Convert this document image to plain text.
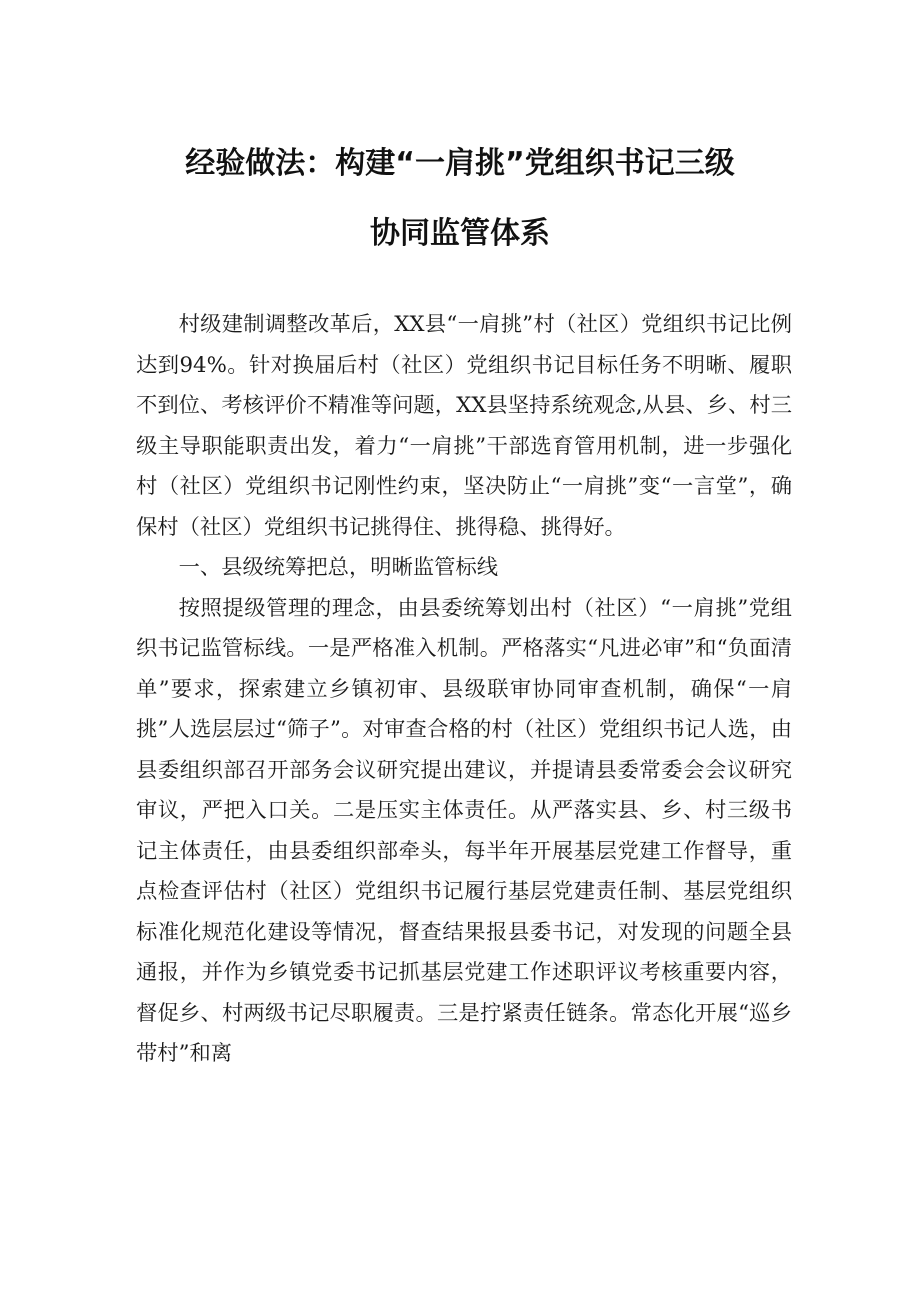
经验做法：构建“一肩挑”党组织书记三级
协同监管体系

村级建制调整改革后，XX县“一肩挑”村（社区）党组织书记比例达到94%。针对换届后村（社区）党组织书记目标任务不明晰、履职不到位、考核评价不精准等问题，XX县坚持系统观念,从县、乡、村三级主导职能职责出发，着力“一肩挑”干部选育管用机制，进一步强化村（社区）党组织书记刚性约束，坚决防止“一肩挑”变“一言堂”，确保村（社区）党组织书记挑得住、挑得稳、挑得好。

一、县级统筹把总，明晰监管标线

按照提级管理的理念，由县委统筹划出村（社区）“一肩挑”党组织书记监管标线。一是严格准入机制。严格落实“凡进必审”和“负面清单”要求，探索建立乡镇初审、县级联审协同审查机制，确保“一肩挑”人选层层过“筛子”。对审查合格的村（社区）党组织书记人选，由县委组织部召开部务会议研究提出建议，并提请县委常委会会议研究审议，严把入口关。二是压实主体责任。从严落实县、乡、村三级书记主体责任，由县委组织部牵头，每半年开展基层党建工作督导，重点检查评估村（社区）党组织书记履行基层党建责任制、基层党组织标准化规范化建设等情况，督查结果报县委书记，对发现的问题全县通报，并作为乡镇党委书记抓基层党建工作述职评议考核重要内容，督促乡、村两级书记尽职履责。三是拧紧责任链条。常态化开展“巡乡带村”和离
